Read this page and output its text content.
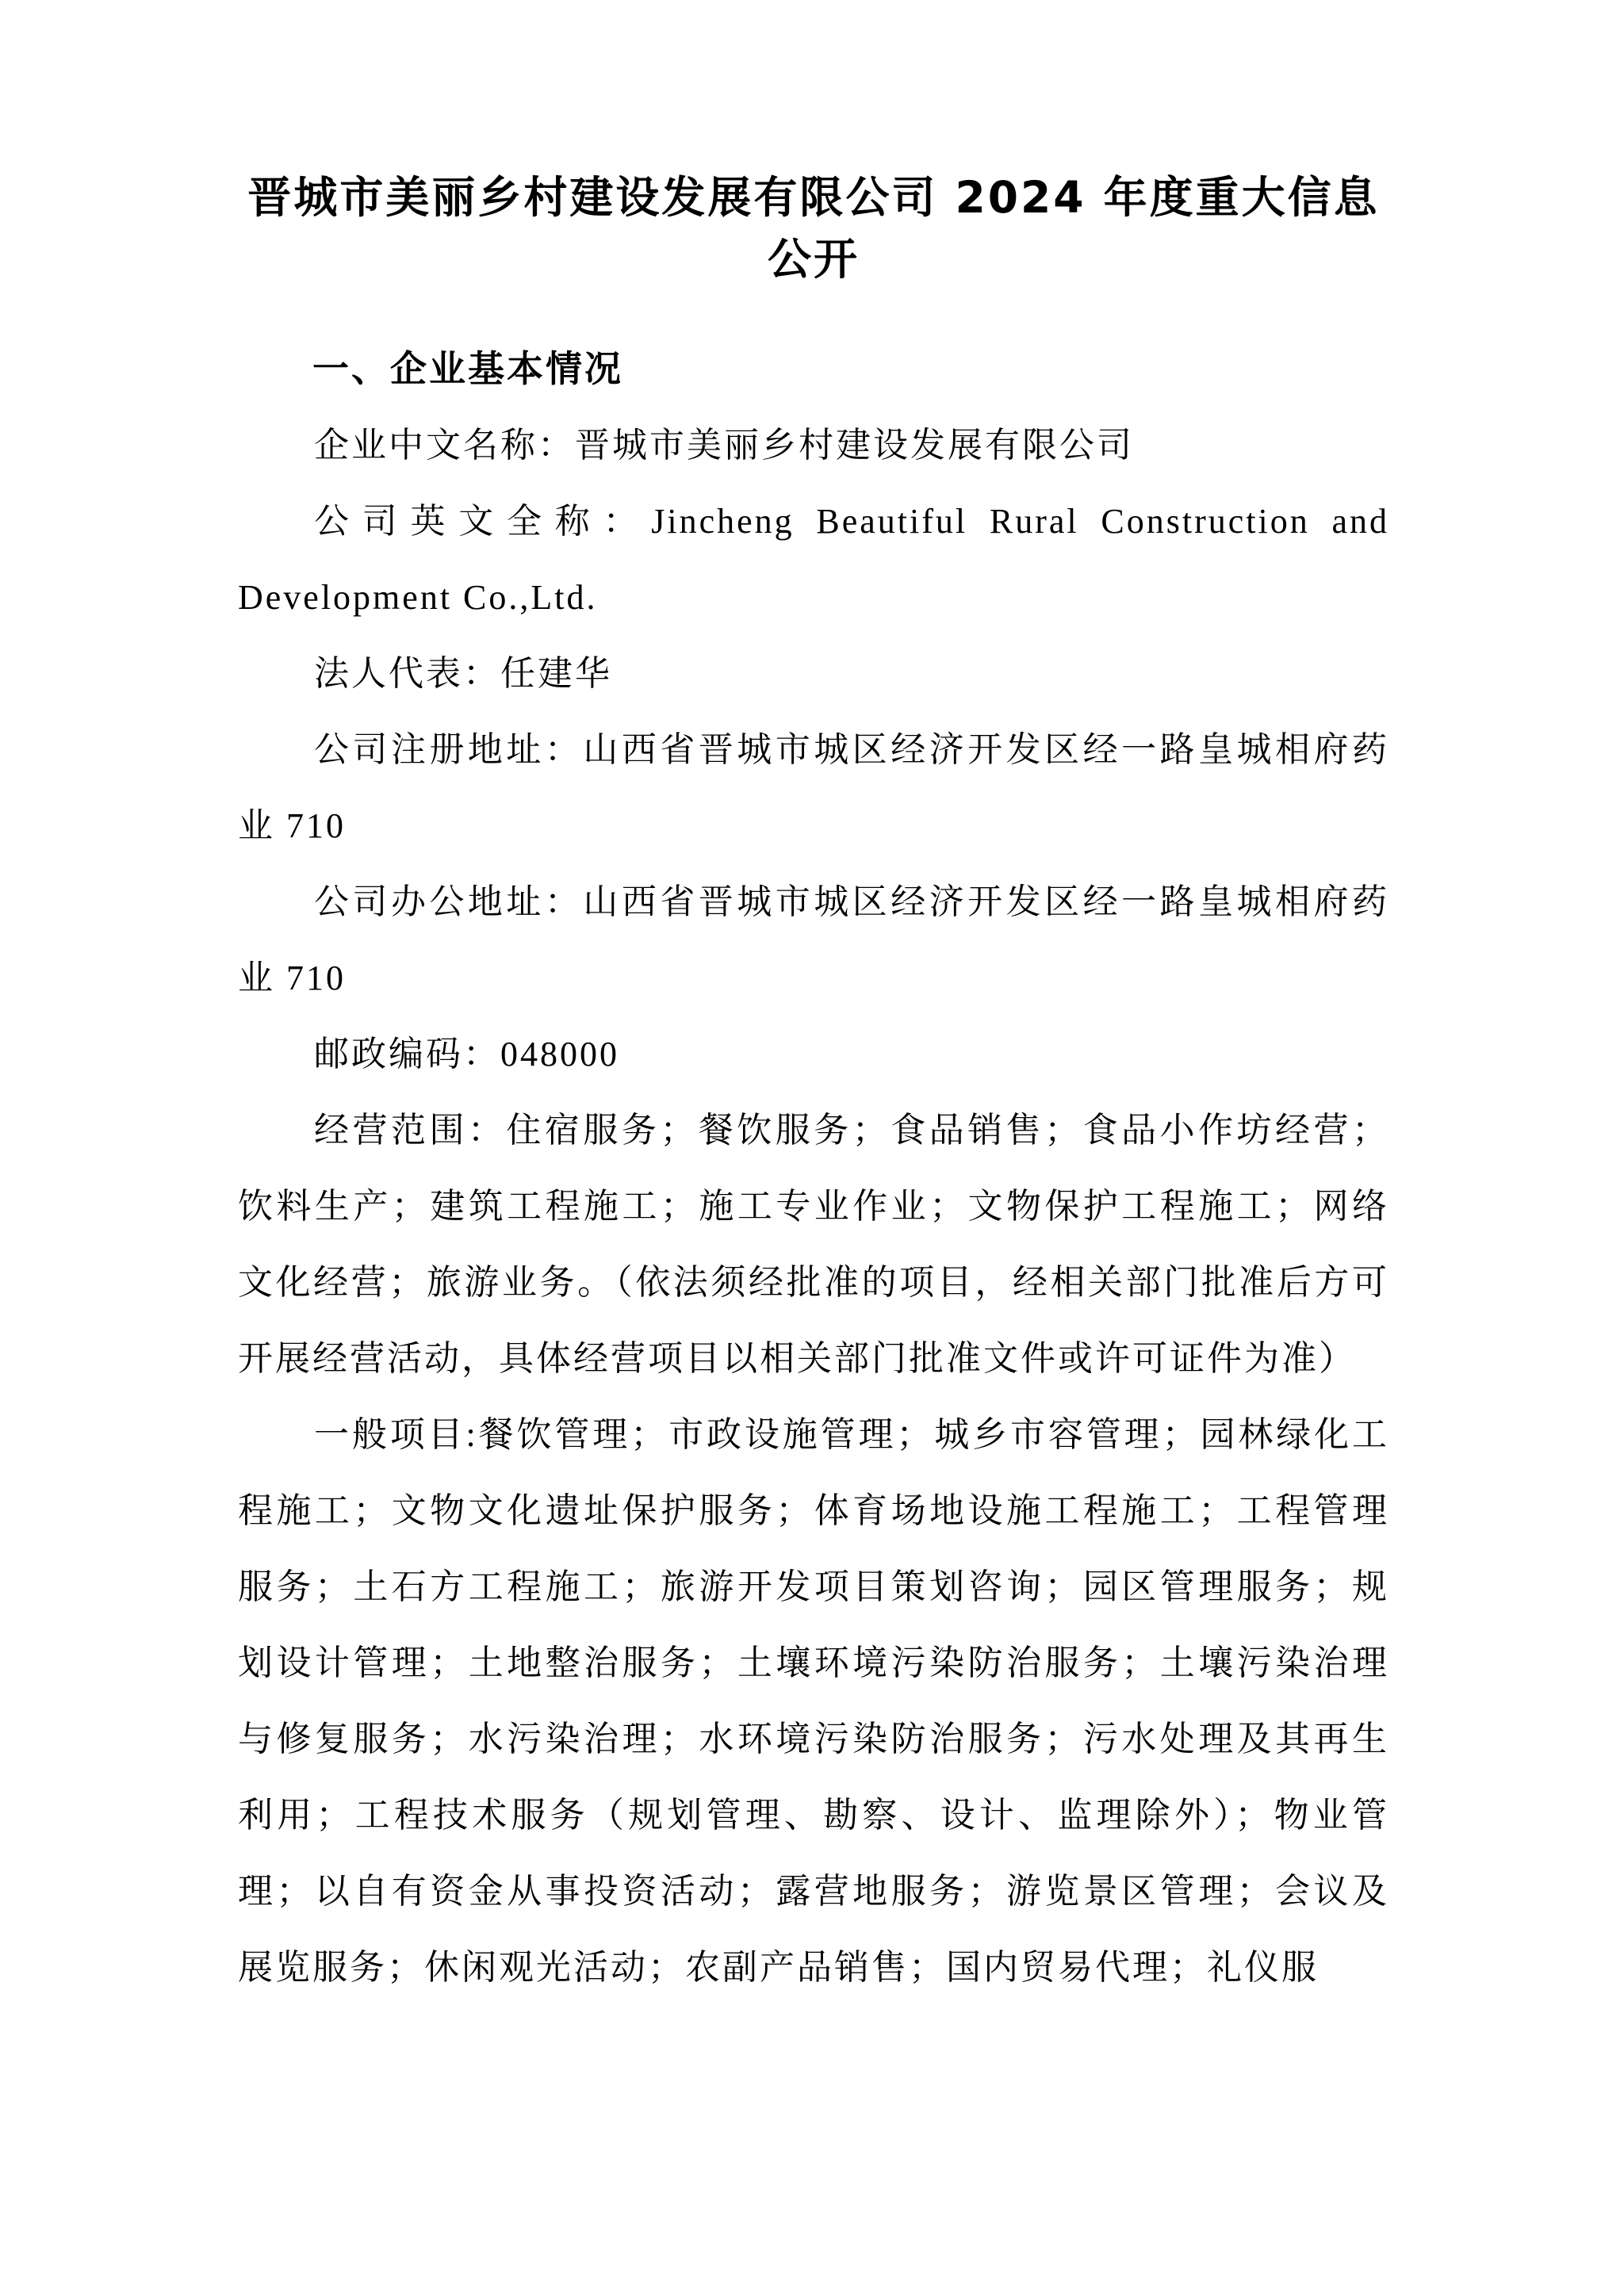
晋城市美丽乡村建设发展有限公司 2024 年度重大信息
公开
一、企业基本情况

企业中文名称：晋城市美丽乡村建设发展有限公司

公司英文全称：Jincheng Beautiful Rural Construction and Development Co.,Ltd.

法人代表：任建华

公司注册地址：山西省晋城市城区经济开发区经一路皇城相府药业 710

公司办公地址：山西省晋城市城区经济开发区经一路皇城相府药业 710

邮政编码：048000

经营范围：住宿服务；餐饮服务；食品销售；食品小作坊经营；饮料生产；建筑工程施工；施工专业作业；文物保护工程施工；网络文化经营；旅游业务。（依法须经批准的项目，经相关部门批准后方可开展经营活动，具体经营项目以相关部门批准文件或许可证件为准）

一般项目:餐饮管理；市政设施管理；城乡市容管理；园林绿化工程施工；文物文化遗址保护服务；体育场地设施工程施工；工程管理服务；土石方工程施工；旅游开发项目策划咨询；园区管理服务；规划设计管理；土地整治服务；土壤环境污染防治服务；土壤污染治理与修复服务；水污染治理；水环境污染防治服务；污水处理及其再生利用；工程技术服务（规划管理、勘察、设计、监理除外）；物业管理；以自有资金从事投资活动；露营地服务；游览景区管理；会议及展览服务；休闲观光活动；农副产品销售；国内贸易代理；礼仪服
